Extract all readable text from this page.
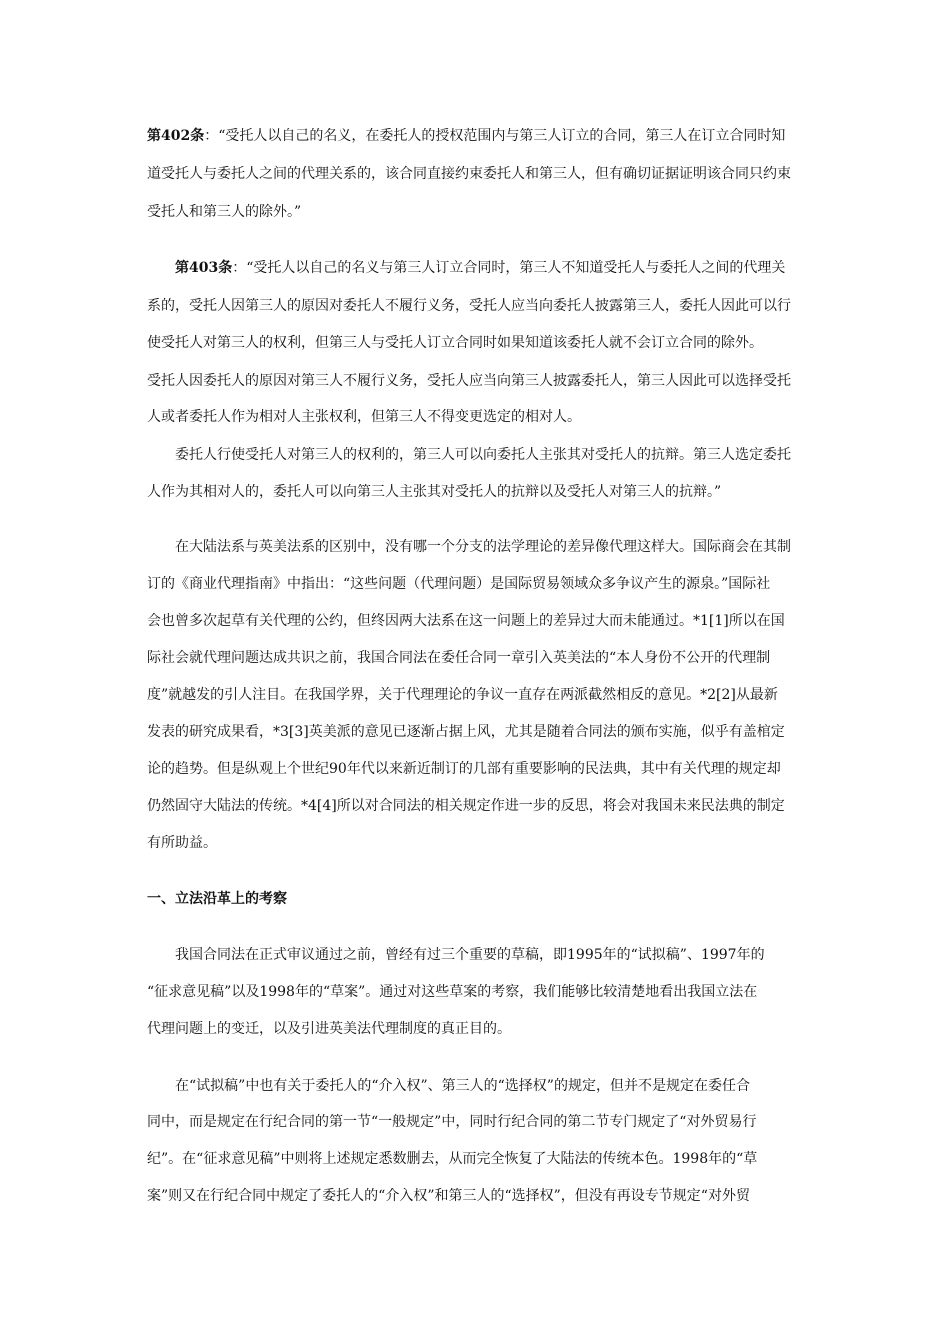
第402条：“受托人以自己的名义，在委托人的授权范围内与第三人订立的合同，第三人在订立合同时知
道受托人与委托人之间的代理关系的，该合同直接约束委托人和第三人，但有确切证据证明该合同只约束
受托人和第三人的除外。”
第403条：“受托人以自己的名义与第三人订立合同时，第三人不知道受托人与委托人之间的代理关
系的，受托人因第三人的原因对委托人不履行义务，受托人应当向委托人披露第三人，委托人因此可以行
使受托人对第三人的权利，但第三人与受托人订立合同时如果知道该委托人就不会订立合同的除外。
受托人因委托人的原因对第三人不履行义务，受托人应当向第三人披露委托人，第三人因此可以选择受托
人或者委托人作为相对人主张权利，但第三人不得变更选定的相对人。
委托人行使受托人对第三人的权利的，第三人可以向委托人主张其对受托人的抗辩。第三人选定委托
人作为其相对人的，委托人可以向第三人主张其对受托人的抗辩以及受托人对第三人的抗辩。”
在大陆法系与英美法系的区别中，没有哪一个分支的法学理论的差异像代理这样大。国际商会在其制
订的《商业代理指南》中指出：“这些问题（代理问题）是国际贸易领域众多争议产生的源泉。”国际社
会也曾多次起草有关代理的公约，但终因两大法系在这一问题上的差异过大而未能通过。*1[1]所以在国
际社会就代理问题达成共识之前，我国合同法在委任合同一章引入英美法的“本人身份不公开的代理制
度”就越发的引人注目。在我国学界，关于代理理论的争议一直存在两派截然相反的意见。*2[2]从最新
发表的研究成果看，*3[3]英美派的意见已逐渐占据上风，尤其是随着合同法的颁布实施，似乎有盖棺定
论的趋势。但是纵观上个世纪90年代以来新近制订的几部有重要影响的民法典，其中有关代理的规定却
仍然固守大陆法的传统。*4[4]所以对合同法的相关规定作进一步的反思，将会对我国未来民法典的制定
有所助益。
一、立法沿革上的考察
我国合同法在正式审议通过之前，曾经有过三个重要的草稿，即1995年的“试拟稿”、1997年的
“征求意见稿”以及1998年的“草案”。通过对这些草案的考察，我们能够比较清楚地看出我国立法在
代理问题上的变迁，以及引进英美法代理制度的真正目的。
在“试拟稿”中也有关于委托人的“介入权”、第三人的“选择权”的规定，但并不是规定在委任合
同中，而是规定在行纪合同的第一节“一般规定”中，同时行纪合同的第二节专门规定了“对外贸易行
纪”。在“征求意见稿”中则将上述规定悉数删去，从而完全恢复了大陆法的传统本色。1998年的“草
案”则又在行纪合同中规定了委托人的“介入权”和第三人的“选择权”，但没有再设专节规定“对外贸
